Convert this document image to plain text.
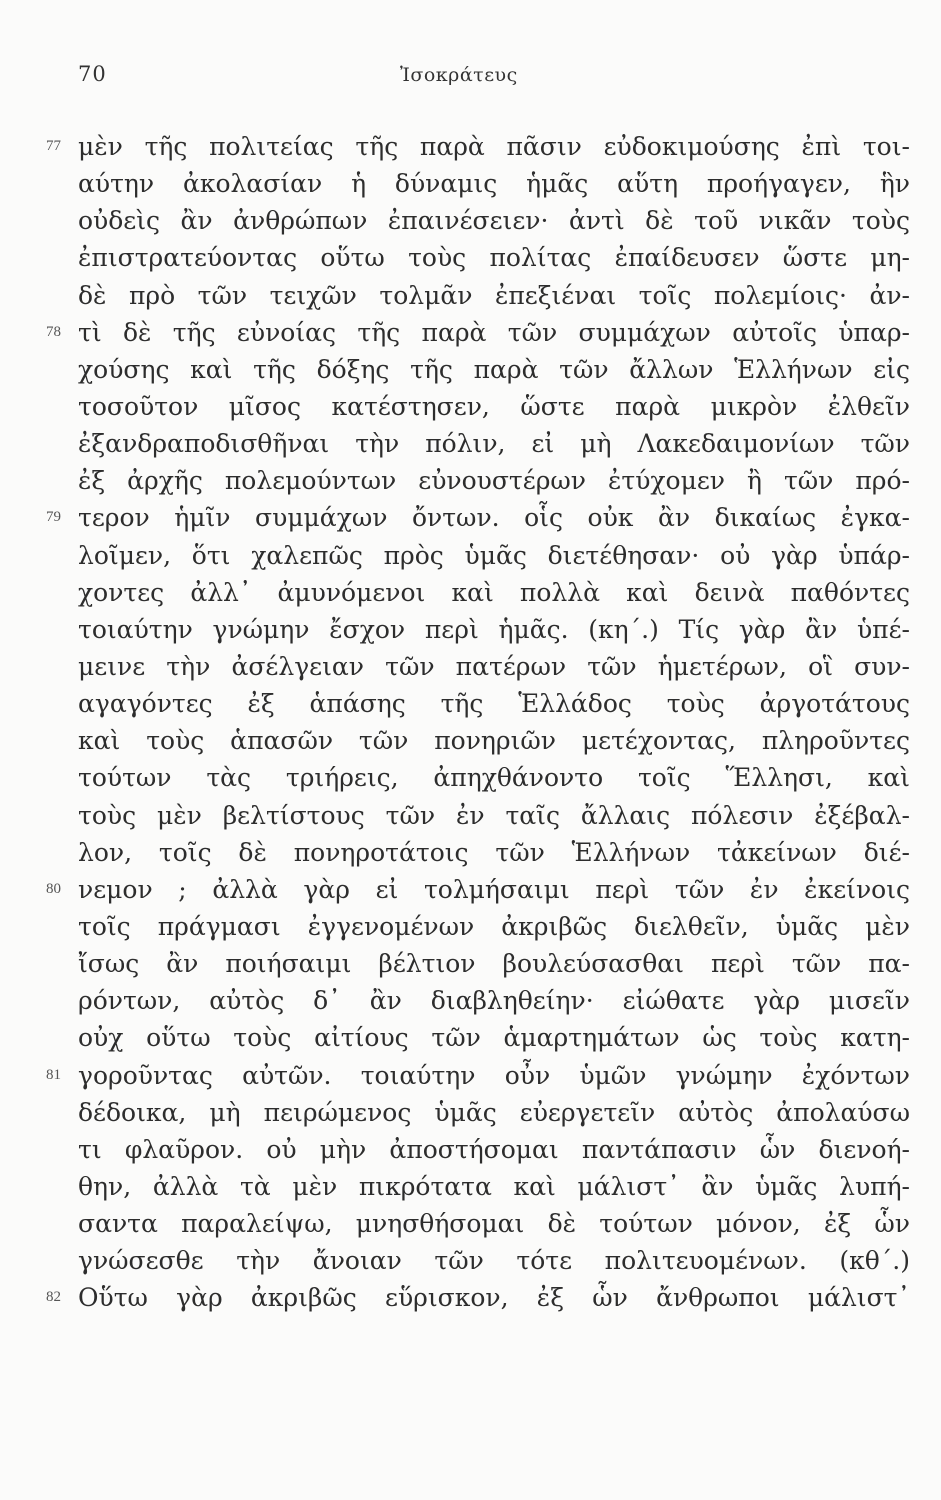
70	Ἰσοκράτευς
77 μὲν τῆς πολιτείας τῆς παρὰ πᾶσιν εὐδοκιμούσης ἐπὶ τοι-
αύτην ἀκολασίαν ἡ δύναμις ἡμᾶς αὕτη προήγαγεν, ἣν
οὐδεὶς ἂν ἀνθρώπων ἐπαινέσειεν· ἀντὶ δὲ τοῦ νικᾶν τοὺς
ἐπιστρατεύοντας οὕτω τοὺς πολίτας ἐπαίδευσεν ὥστε μη-
δὲ πρὸ τῶν τειχῶν τολμᾶν ἐπεξιέναι τοῖς πολεμίοις· ἀν-
78 τὶ δὲ τῆς εὐνοίας τῆς παρὰ τῶν συμμάχων αὐτοῖς ὑπαρ-
χούσης καὶ τῆς δόξης τῆς παρὰ τῶν ἄλλων Ἑλλήνων εἰς
τοσοῦτον μῖσος κατέστησεν, ὥστε παρὰ μικρὸν ἐλθεῖν
ἐξανδραποδισθῆναι τὴν πόλιν, εἰ μὴ Λακεδαιμονίων τῶν
ἐξ ἀρχῆς πολεμούντων εὐνουστέρων ἐτύχομεν ἢ τῶν πρό-
79 τερον ἡμῖν συμμάχων ὄντων. οἷς οὐκ ἂν δικαίως ἐγκα-
λοῖμεν, ὅτι χαλεπῶς πρὸς ὑμᾶς διετέθησαν· οὐ γὰρ ὑπάρ-
χοντες ἀλλ᾽ ἀμυνόμενοι καὶ πολλὰ καὶ δεινὰ παθόντες
τοιαύτην γνώμην ἔσχον περὶ ἡμᾶς. (κη΄.) Τίς γὰρ ἂν ὑπέ-
μεινε τὴν ἀσέλγειαν τῶν πατέρων τῶν ἡμετέρων, οἳ συν-
αγαγόντες ἐξ ἁπάσης τῆς Ἑλλάδος τοὺς ἀργοτάτους
καὶ τοὺς ἁπασῶν τῶν πονηριῶν μετέχοντας, πληροῦντες
τούτων τὰς τριήρεις, ἀπηχθάνοντο τοῖς Ἕλλησι, καὶ
τοὺς μὲν βελτίστους τῶν ἐν ταῖς ἄλλαις πόλεσιν ἐξέβαλ-
λον, τοῖς δὲ πονηροτάτοις τῶν Ἑλλήνων τἀκείνων διέ-
80 νεμον ; ἀλλὰ γὰρ εἰ τολμήσαιμι περὶ τῶν ἐν ἐκείνοις
τοῖς πράγμασι ἐγγενομένων ἀκριβῶς διελθεῖν, ὑμᾶς μὲν
ἴσως ἂν ποιήσαιμι βέλτιον βουλεύσασθαι περὶ τῶν πα-
ρόντων, αὐτὸς δ᾽ ἂν διαβληθείην· εἰώθατε γὰρ μισεῖν
οὐχ οὕτω τοὺς αἰτίους τῶν ἁμαρτημάτων ὡς τοὺς κατη-
81 γοροῦντας αὐτῶν. τοιαύτην οὖν ὑμῶν γνώμην ἐχόντων
δέδοικα, μὴ πειρώμενος ὑμᾶς εὐεργετεῖν αὐτὸς ἀπολαύσω
τι φλαῦρον. οὐ μὴν ἀποστήσομαι παντάπασιν ὧν διενοή-
θην, ἀλλὰ τὰ μὲν πικρότατα καὶ μάλιστ᾽ ἂν ὑμᾶς λυπή-
σαντα παραλείψω, μνησθήσομαι δὲ τούτων μόνον, ἐξ ὧν
γνώσεσθε τὴν ἄνοιαν τῶν τότε πολιτευομένων. (κθ΄.)
82 Οὕτω γὰρ ἀκριβῶς εὕρισκον, ἐξ ὧν ἄνθρωποι μάλιστ᾽
